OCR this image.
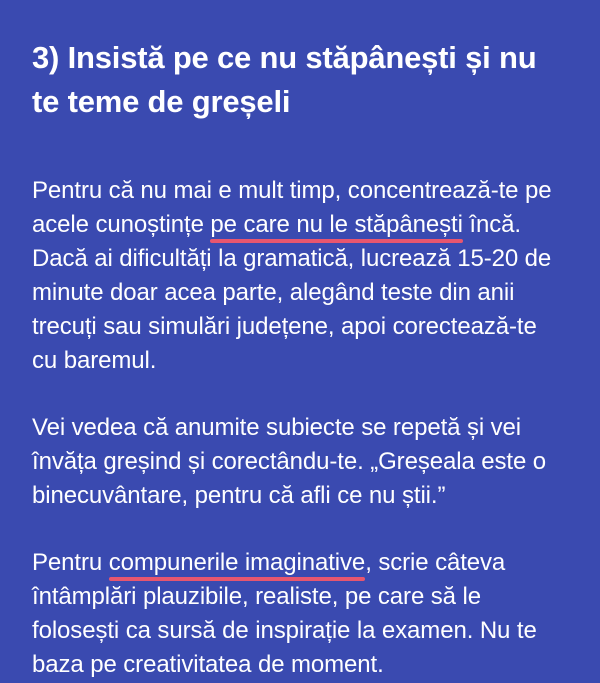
3) Insistă pe ce nu stăpânești și nu te teme de greșeli

Pentru că nu mai e mult timp, concentrează-te pe acele cunoștințe pe care nu le stăpânești
încă. Dacă ai dificultăți la gramatică, lucrează 15-20 de minute doar acea parte, alegând teste din anii trecuți sau simulări județene, apoi corectează-te cu baremul.

Vei vedea că anumite subiecte se repetă și vei învăța greșind și corectându-te. „Greșeala este o binecuvântare, pentru că afli ce nu știi.”

Pentru compunerile imaginative
, scrie câteva întâmplări plauzibile, realiste, pe care să le folosești ca sursă de inspirație la examen. Nu te baza pe creativitatea de moment.
